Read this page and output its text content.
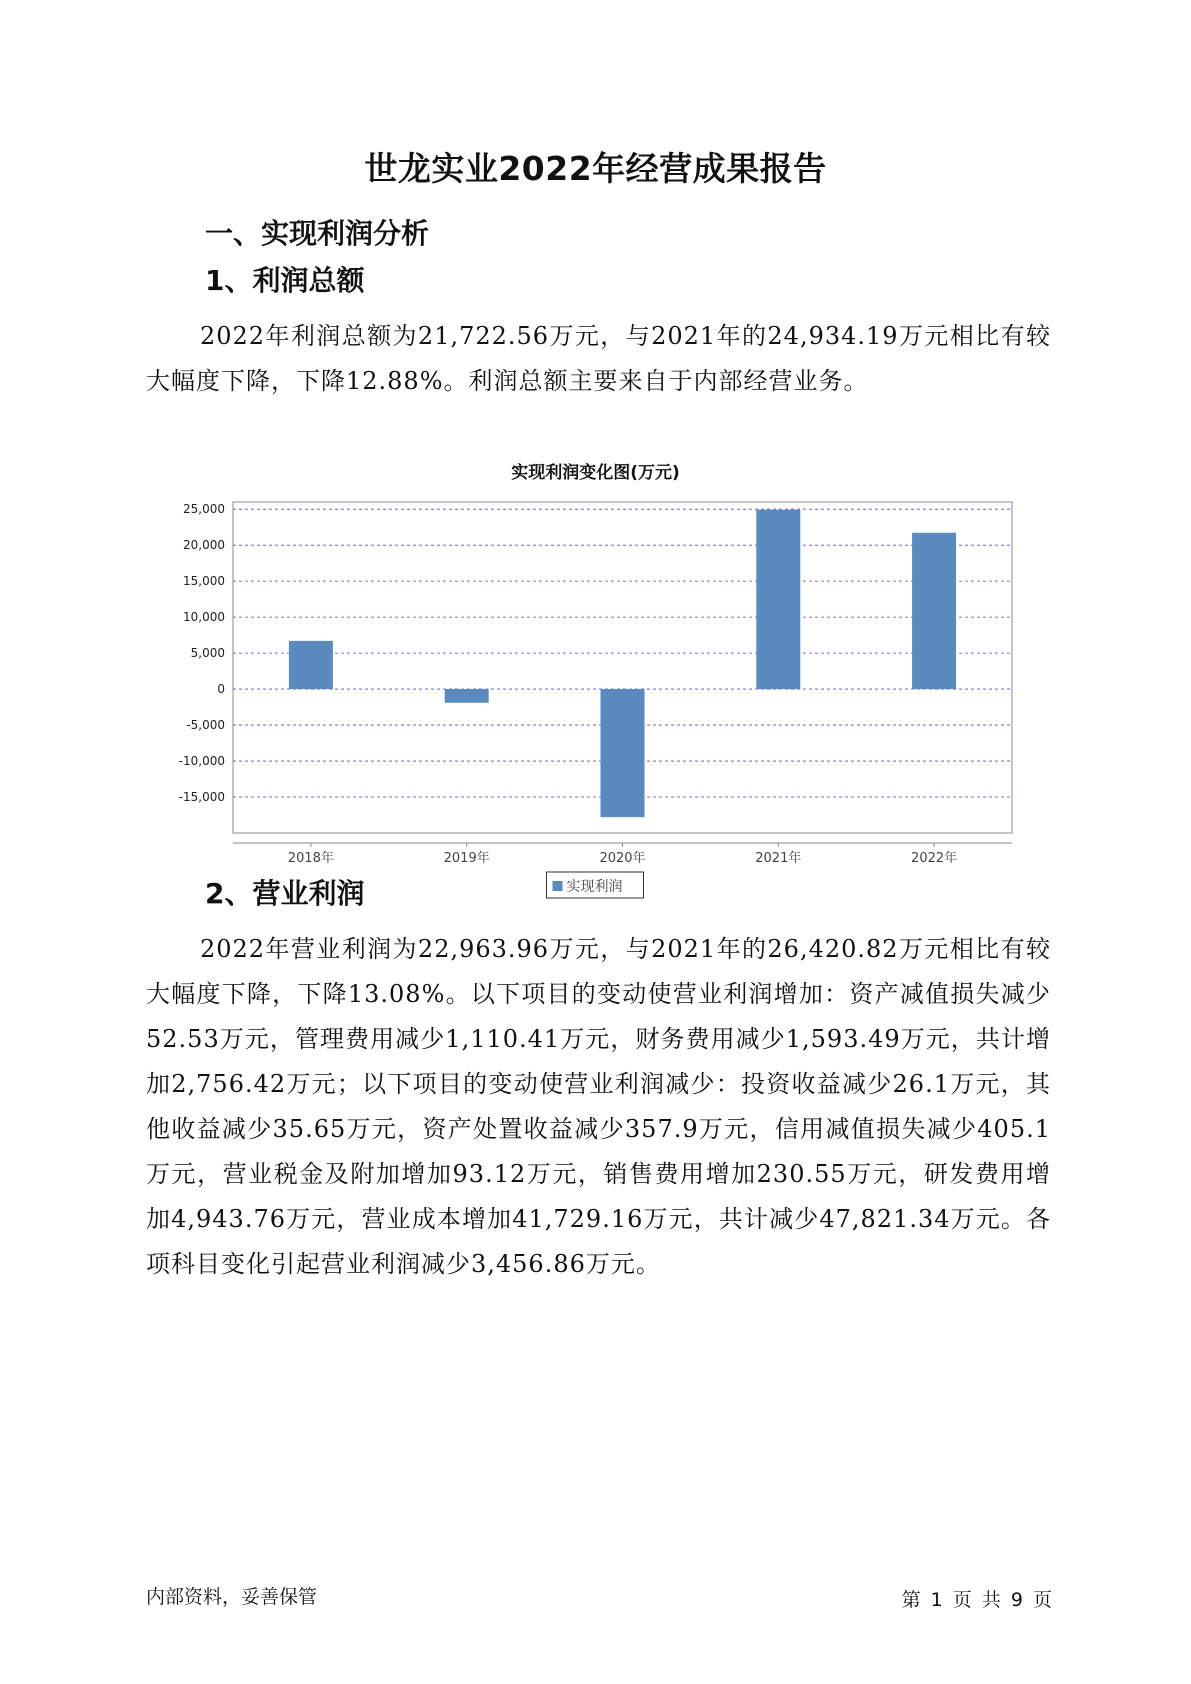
世龙实业2022年经营成果报告
一、实现利润分析
1、利润总额
2022年利润总额为21,722.56万元，与2021年的24,934.19万元相比有较大幅度下降，下降12.88%。利润总额主要来自于内部经营业务。
实现利润变化图(万元)
25,000
20,000
15,000
10,000
5,000
0
-5,000
-10,000
-15,000
2018年	2019年	2020年	2021年	2022年
实现利润
2、营业利润
2022年营业利润为22,963.96万元，与2021年的26,420.82万元相比有较大幅度下降，下降13.08%。以下项目的变动使营业利润增加：资产减值损失减少52.53万元，管理费用减少1,110.41万元，财务费用减少1,593.49万元，共计增加2,756.42万元；以下项目的变动使营业利润减少：投资收益减少26.1万元，其他收益减少35.65万元，资产处置收益减少357.9万元，信用减值损失减少405.1万元，营业税金及附加增加93.12万元，销售费用增加230.55万元，研发费用增加4,943.76万元，营业成本增加41,729.16万元，共计减少47,821.34万元。各项科目变化引起营业利润减少3,456.86万元。
内部资料，妥善保管	第 1 页 共 9 页
